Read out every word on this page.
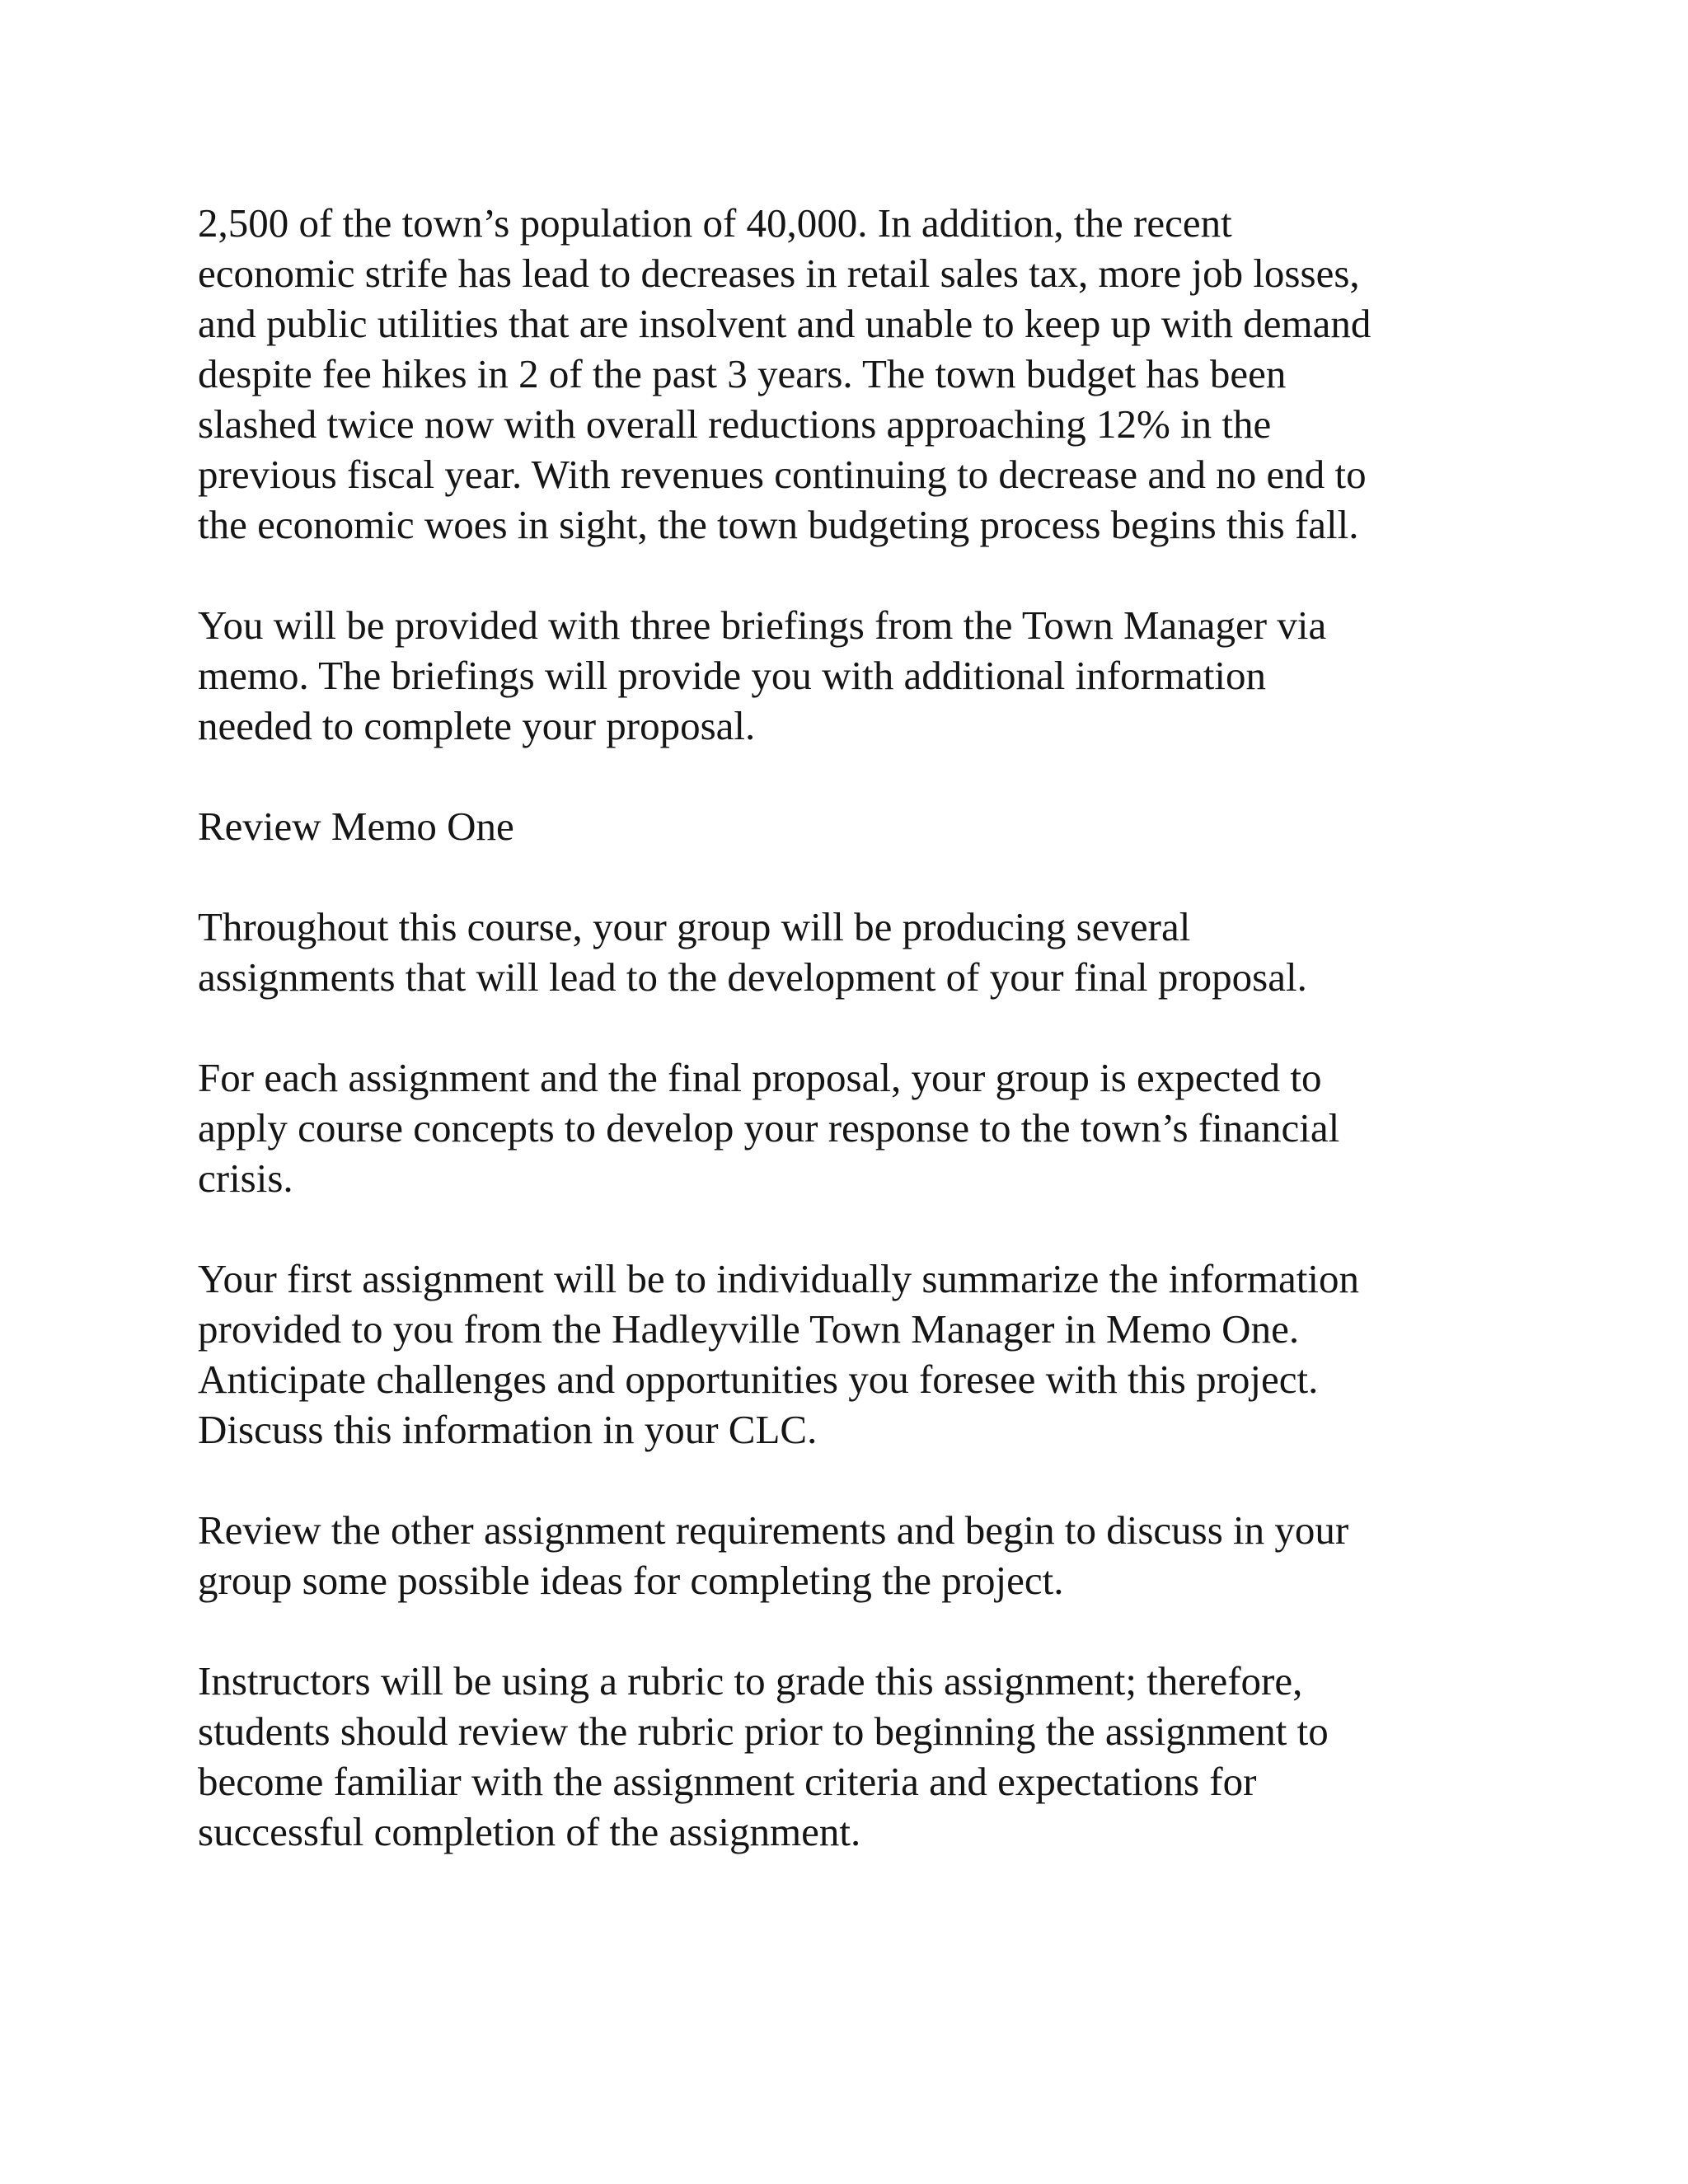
2,500 of the town’s population of 40,000. In addition, the recent
economic strife has lead to decreases in retail sales tax, more job losses,
and public utilities that are insolvent and unable to keep up with demand
despite fee hikes in 2 of the past 3 years. The town budget has been
slashed twice now with overall reductions approaching 12% in the
previous fiscal year. With revenues continuing to decrease and no end to
the economic woes in sight, the town budgeting process begins this fall.

You will be provided with three briefings from the Town Manager via
memo. The briefings will provide you with additional information
needed to complete your proposal.

Review Memo One

Throughout this course, your group will be producing several
assignments that will lead to the development of your final proposal.

For each assignment and the final proposal, your group is expected to
apply course concepts to develop your response to the town’s financial
crisis.

Your first assignment will be to individually summarize the information
provided to you from the Hadleyville Town Manager in Memo One.
Anticipate challenges and opportunities you foresee with this project.
Discuss this information in your CLC.

Review the other assignment requirements and begin to discuss in your
group some possible ideas for completing the project.

Instructors will be using a rubric to grade this assignment; therefore,
students should review the rubric prior to beginning the assignment to
become familiar with the assignment criteria and expectations for
successful completion of the assignment.
